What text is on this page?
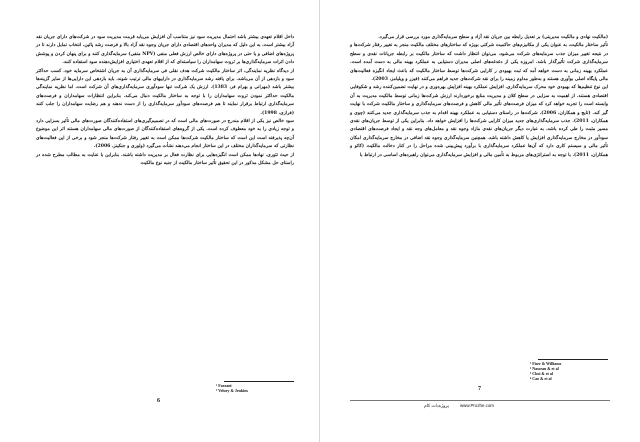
داخل اقلام تعهدی بیشتر باشد احتمال مدیریت سود نیز متناسب آن افزایش می‌یابد قرمت مدیریت سود در شرکت‌های دارای جریان نقد آزاد بیشتر است، به این دلیل که مدیران واحدهای اقتصادی دارای جریان وجوه نقد آزاد بالا و فرصت رشد پائین، انتخاب تمایل دارند تا در پروژه‌های اضافی و یا حتی در پروژه‌های دارای خالص ارزش فعلی منفی (NPV منفی) سرمایه‌گذاری کنند و برای پنهان کردن و پوشش دادن اثرات سرمایه‌گذاری‌ها بر ثروت سهامداران را سیاسته‌ای که از اقلام تعهدی اختیاری افزایش‌دهنده سود استفاده کنند.

از دیدگاه نظریه نمایندگی، اثر ساختار مالکیت شرکت هدف نقلی فی سرمایه‌گذاری آن به جریان اشتخاص سرمایه خود، کسب حداکثر سود و بازدهی از آن می‌باشد. برای یافته رشد سرمایه‌گذاری در داراییهای مالی ترتیب شوند، باید بازدهی این دارایی‌ها از سایر گزینه‌ها بیشتر باشد (مهرانی و بهرام فر، 1383). ارزش یک شرکت تنها سودآوری سرمایه‌گذاری‌های آن شرکت است، اما نظریه نمایندگی مالکیت حداکثر نمودن ثروت سهامداران را با توجه به ساختار مالکیت دنبال می‌کند. بنابراین انتظارات سهامداران و فرصت‌های سرمایه‌گذاری ارتباط برقرار نمایند تا هم فرصت‌های سودآور سرمایه‌گذاری را از دست ندهند و هم رضایت سهامداران را جلب کنند (فرازی، 1998).

سود خالص نیز یکی از اقلام مندرج در صورت‌های مالی است که در تصمیم‌گیری‌های استفاده‌کنندگان صورت‌های مالی تأثیر بسزایی دارد و توجه زیادی را به خود معطوف کرده است. یکی از گروه‌های استفاده‌کنندگان از صورت‌های مالی سهامداران هستند اثر این موضوع آن‌چه پذیرفته است این است که ساختار مالکیت شرکت‌ها ممکن است به تغییر رفتار شرکت‌ها منجر شود و برخی از این فعالیت‌های نظارتی که سرمایه‌گذاران مختلف در این ساختار انجام می‌دهند نشأت می‌گیرد (ولوری و جنکینز، 2006).

از حیث تئوری، نهادها ممکن است انگیزه‌هایی برای نظارت فعال بر مدیریت داشته باشند. بنابراین با عنایت به مطالب مطرح شده در راستای حل مشکل مذکور در این تحقیق تأثیر ساختار مالکیت از جنبه نوع مالکیت

¹ Farzani
² Velury & Jenkins
6

(مالکیت نهادی و مالکیت مدیریتی) بر تعدیل رابطه بین جریان نقد آزاد و سطح سرمایه‌گذاری مورد بررسی قرار می‌گیرد.

تأثیر ساختار مالکیت، به عنوان یکی از مکانیزم‌های حاکمیت شرکتی بویژه که ساختارهای مختلف مالکیت منجر به تغییر رفتار شرکت‌ها و در نتیجه تغییر میزان جذب سرمایه‌های شرکت می‌شود، می‌توان انتظار داشت که ساختار مالکیت بر رابطه جریانات نقدی و سطح سرمایه‌گذاری شرکت تأثیرگذار باشد. امروزه یکی از دغدغه‌های اصلی مدیران دستیابی به عملکرد بهینه مالی به دست آمده است. عملکرد بهینه زمانی به دست خواهد آمد که ثبت بهبودی ر کارایی شرکت‌ها توسط ساختار مالکیت که باعث ایجاد انگیزه فعالیت‌های مالی پایگاه اصلی بوآوری هستند و به‌طور مداوم زمینه را برای نقد شرکت‌های جدید فراهم می‌کنند (فیزر و ویلیامز، 2003).

این نوع تنظیم‌ها که بهبودی خود محرک سرمایه‌گذاری، افزایش عملکرد بهینه افزایش بهره‌وری و در نهایت تضمین‌کننده رشد و شکوفایی اقتصادی هستند. از اهمیت به سزایی در سطح کلان و مدیریت منابع برخوردارند ارزش شرکت‌ها زمانی توسط مالکیت مدیریت به آن وابسته است را تجربه خواهد کرد که میزان فرصت‌های تأثیر مالی کاهش و فرصت‌های سرمایه‌گذاری و ساختار مالکیت شرکت با نهایت گیر کند. (تایج و همکاران، 2006). شرکت‌ها در راستای دستیابی به عملکرد بهینه اقدام به جذب سرمایه‌گذاری جدید می‌کنند (چوی و همکاران، 2011). جذب سرمایه‌گذاری‌های جدید میزان کارایی شرکت‌ها را افزایش خواهد داد. بنابراین یکی از توسط جریان‌های نقدی مسیر مثبت را طی کرده باشد، به عبارت دیگر جریان‌های نقدی مازاد وجوه نقد و معامل‌های وجه نقد و ایجاد فرصت‌های اقتصادی سودآور در مخارج سرمایه‌گذاری افزایش یا کاهش داشته باشد. همچنین سرمایه‌گذاری وجوه نقد اضافی در مخارج سرمایه‌گذاری امکان تأثیر مالی و سیستم کاری دارد که آن‌ها عملکرد سرمایه‌گذاری با برآورد پیش‌بینی شده مراحل را در کنار دخالت مالکیت (کائو و همکاران، 2011). با توجه به استراتژی‌های مربوط به تأمین مالی و افزایش سرمایه‌گذاری می‌توان راهبردهای اساسی در ارتباط با

¹ Fiser & Williams
² Nasseau & et al
³ Choi & et al
⁴ Cao & et al
7
www.Prozhe.com
پروژه‌دات کام
